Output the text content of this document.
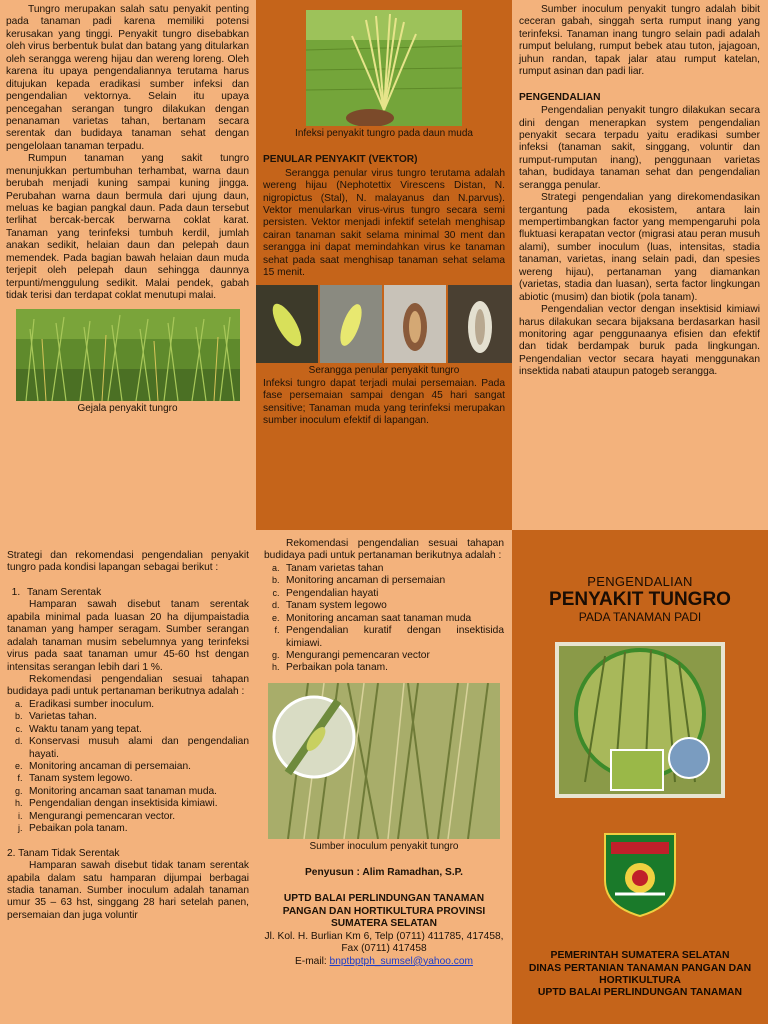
Tungro merupakan salah satu penyakit penting pada tanaman padi karena memiliki potensi kerusakan yang tinggi. Penyakit tungro disebabkan oleh virus berbentuk bulat dan batang yang ditularkan oleh serangga wereng hijau dan wereng loreng. Oleh karena itu upaya pengendaliannya terutama harus ditujukan kepada eradikasi sumber infeksi dan pengendalian vektornya. Selain itu upaya pencegahan serangan tungro dilakukan dengan penanaman varietas tahan, bertanam secara serentak dan budidaya tanaman sehat dengan pengelolaan tanaman terpadu.

Rumpun tanaman yang sakit tungro menunjukkan pertumbuhan terhambat, warna daun berubah menjadi kuning sampai kuning jingga. Perubahan warna daun bermula dari ujung daun, meluas ke bagian pangkal daun. Pada daun tersebut terlihat bercak-bercak berwarna coklat karat. Tanaman yang terinfeksi tumbuh kerdil, jumlah anakan sedikit, helaian daun dan pelepah daun memendek. Pada bagian bawah helaian daun muda terjepit oleh pelepah daun sehingga daunnya terpunti/menggulung sedikit. Malai pendek, gabah tidak terisi dan terdapat coklat menutupi malai.

Gejala penyakit tungro
Infeksi penyakit tungro pada daun muda
PENULAR PENYAKIT (VEKTOR)

Serangga penular virus tungro terutama adalah wereng hijau (Nephotettix Virescens Distan, N. nigropictus (Stal), N. malayanus dan N.parvus). Vektor menularkan virus-virus tungro secara semi persisten. Vektor menjadi infektif setelah menghisap cairan tanaman sakit selama minimal 30 ment dan serangga ini dapat memindahkan virus ke tanaman sehat pada saat menghisap tanaman sehat selama 15 menit.

Serangga penular penyakit tungro

Infeksi tungro dapat terjadi mulai persemaian. Pada fase persemaian sampai dengan 45 hari sangat sensitive; Tanaman muda yang terinfeksi merupakan sumber inoculum efektif di lapangan.

Sumber inoculum penyakit tungro adalah bibit ceceran gabah, singgah serta rumput inang yang terinfeksi. Tanaman inang tungro selain padi adalah rumput belulang, rumput bebek atau tuton, jajagoan, juhun randan, tapak jalar atau rumput katelan, rumput asinan dan padi liar.

PENGENDALIAN

Pengendalian penyakit tungro dilakukan secara dini dengan menerapkan system pengendalian penyakit secara terpadu yaitu eradikasi sumber infeksi (tanaman sakit, singgang, voluntir dan rumput-rumputan inang), penggunaan varietas tahan, budidaya tanaman sehat dan pengendalian serangga penular.

Strategi pengendalian yang direkomendasikan tergantung pada ekosistem, antara lain mempertimbangkan factor yang mempengaruhi pola fluktuasi kerapatan vector (migrasi atau peran musuh alami), sumber inoculum (luas, intensitas, stadia tanaman, varietas, inang selain padi, dan spesies wereng hijau), pertanaman yang diamankan (varietas, stadia dan luasan), serta factor lingkungan abiotic (musim) dan biotik (pola tanam).

Pengendalian vector dengan insektisid kimiawi harus dilakukan secara bijaksana berdasarkan hasil monitoring agar penggunaanya efisien dan efektif dan tidak berdampak buruk pada lingkungan. Pengendalian vector secara hayati menggunakan insektida nabati ataupun patogeb serangga.

Strategi dan rekomendasi pengendalian penyakit tungro pada kondisi lapangan sebagai berikut :

1. Tanam Serentak

Hamparan sawah disebut tanam serentak apabila minimal pada luasan 20 ha dijumpaistadia tanaman yang hamper seragam. Sumber serangan adalah tanaman musim sebelumnya yang terinfeksi virus pada saat tanaman umur 45-60 hst dengan intensitas serangan lebih dari 1 %.

Rekomendasi pengendalian sesuai tahapan budidaya padi untuk pertanaman berikutnya adalah :

a. Eradikasi sumber inoculum.
b. Varietas tahan.
c. Waktu tanam yang tepat.
d. Konservasi musuh alami dan pengendalian hayati.
e. Monitoring ancaman di persemaian.
f. Tanam system legowo.
g. Monitoring ancaman saat tanaman muda.
h. Pengendalian dengan insektisida kimiawi.
i. Mengurangi pemencaran vector.
j. Pebaikan pola tanam.

2. Tanam Tidak Serentak

Hamparan sawah disebut tidak tanam serentak apabila dalam satu hamparan dijumpai berbagai stadia tanaman. Sumber inoculum adalah tanaman umur 35 – 63 hst, singgang 28 hari setelah panen, persemaian dan juga voluntir

Rekomendasi pengendalian sesuai tahapan budidaya padi untuk pertanaman berikutnya adalah :

a. Tanam varietas tahan
b. Monitoring ancaman di persemaian
c. Pengendalian hayati
d. Tanam system legowo
e. Monitoring ancaman saat tanaman muda
f. Pengendalian kuratif dengan insektisida kimiawi.
g. Mengurangi pemencaran vector
h. Perbaikan pola tanam.
Sumber inoculum penyakit tungro

Penyusun : Alim Ramadhan, S.P.

UPTD BALAI PERLINDUNGAN TANAMAN PANGAN DAN HORTIKULTURA PROVINSI SUMATERA SELATAN

Jl. Kol. H. Burlian Km 6, Telp (0711) 411785, 417458, Fax (0711) 417458

E-mail: bnptbptph_sumsel@yahoo.com

PENGENDALIAN
PENYAKIT TUNGRO
PADA TANAMAN PADI
PEMERINTAH SUMATERA SELATAN
DINAS PERTANIAN TANAMAN PANGAN DAN HORTIKULTURA
UPTD BALAI PERLINDUNGAN TANAMAN
